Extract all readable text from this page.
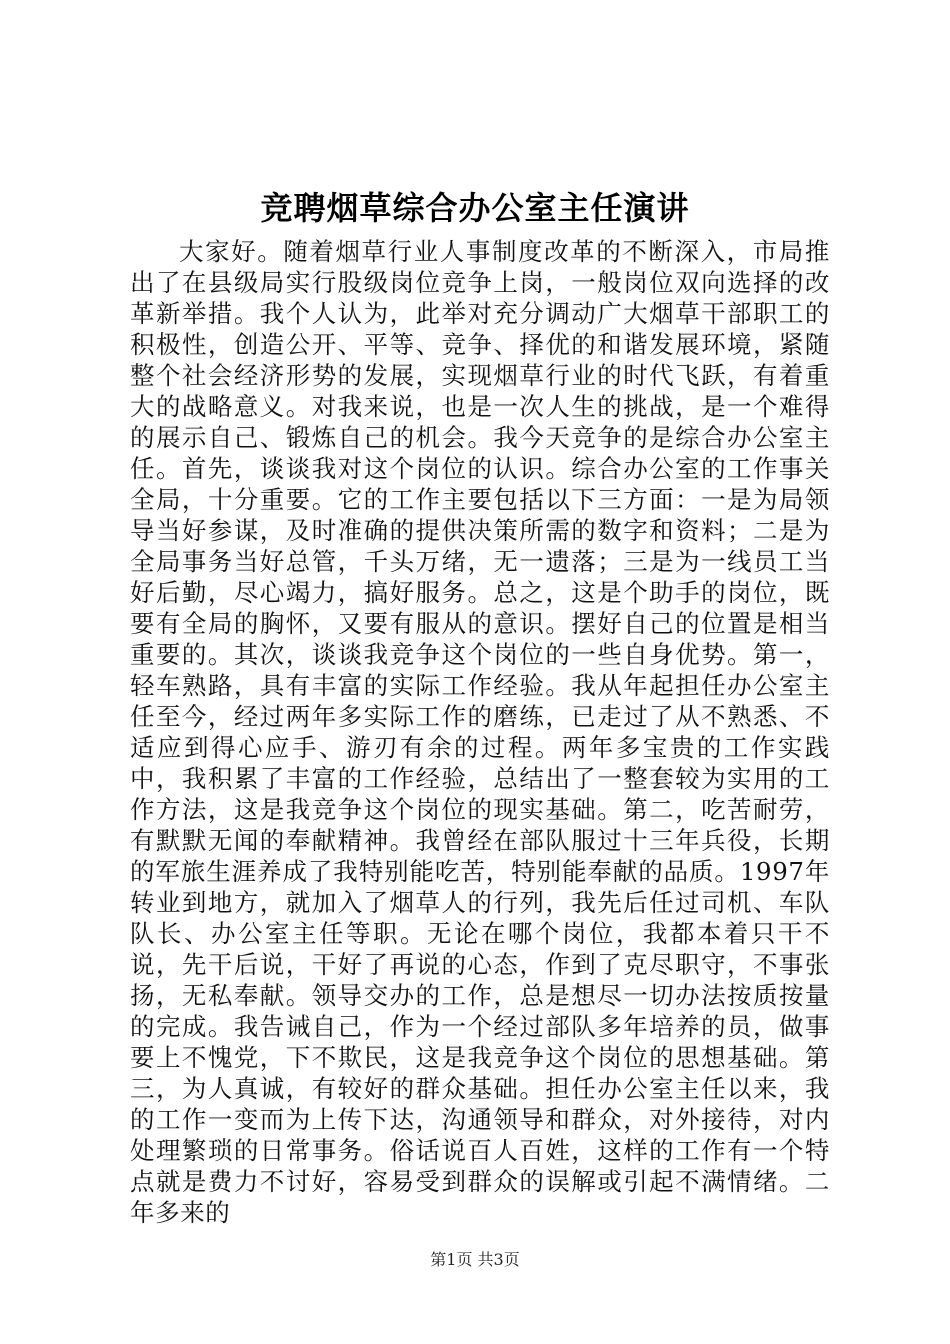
竞聘烟草综合办公室主任演讲

大家好。随着烟草行业人事制度改革的不断深入，市局推出了在县级局实行股级岗位竞争上岗，一般岗位双向选择的改革新举措。我个人认为，此举对充分调动广大烟草干部职工的积极性，创造公开、平等、竞争、择优的和谐发展环境，紧随整个社会经济形势的发展，实现烟草行业的时代飞跃，有着重大的战略意义。对我来说，也是一次人生的挑战，是一个难得的展示自己、锻炼自己的机会。我今天竞争的是综合办公室主任。首先，谈谈我对这个岗位的认识。综合办公室的工作事关全局，十分重要。它的工作主要包括以下三方面：一是为局领导当好参谋，及时准确的提供决策所需的数字和资料；二是为全局事务当好总管，千头万绪，无一遗落；三是为一线员工当好后勤，尽心竭力，搞好服务。总之，这是个助手的岗位，既要有全局的胸怀，又要有服从的意识。摆好自己的位置是相当重要的。其次，谈谈我竞争这个岗位的一些自身优势。第一，轻车熟路，具有丰富的实际工作经验。我从年起担任办公室主任至今，经过两年多实际工作的磨练，已走过了从不熟悉、不适应到得心应手、游刃有余的过程。两年多宝贵的工作实践中，我积累了丰富的工作经验，总结出了一整套较为实用的工作方法，这是我竞争这个岗位的现实基础。第二，吃苦耐劳，有默默无闻的奉献精神。我曾经在部队服过十三年兵役，长期的军旅生涯养成了我特别能吃苦，特别能奉献的品质。1997年转业到地方，就加入了烟草人的行列，我先后任过司机、车队队长、办公室主任等职。无论在哪个岗位，我都本着只干不说，先干后说，干好了再说的心态，作到了克尽职守，不事张扬，无私奉献。领导交办的工作，总是想尽一切办法按质按量的完成。我告诫自己，作为一个经过部队多年培养的员，做事要上不愧党，下不欺民，这是我竞争这个岗位的思想基础。第三，为人真诚，有较好的群众基础。担任办公室主任以来，我的工作一变而为上传下达，沟通领导和群众，对外接待，对内处理繁琐的日常事务。俗话说百人百姓，这样的工作有一个特点就是费力不讨好，容易受到群众的误解或引起不满情绪。二年多来的

第1页 共3页
